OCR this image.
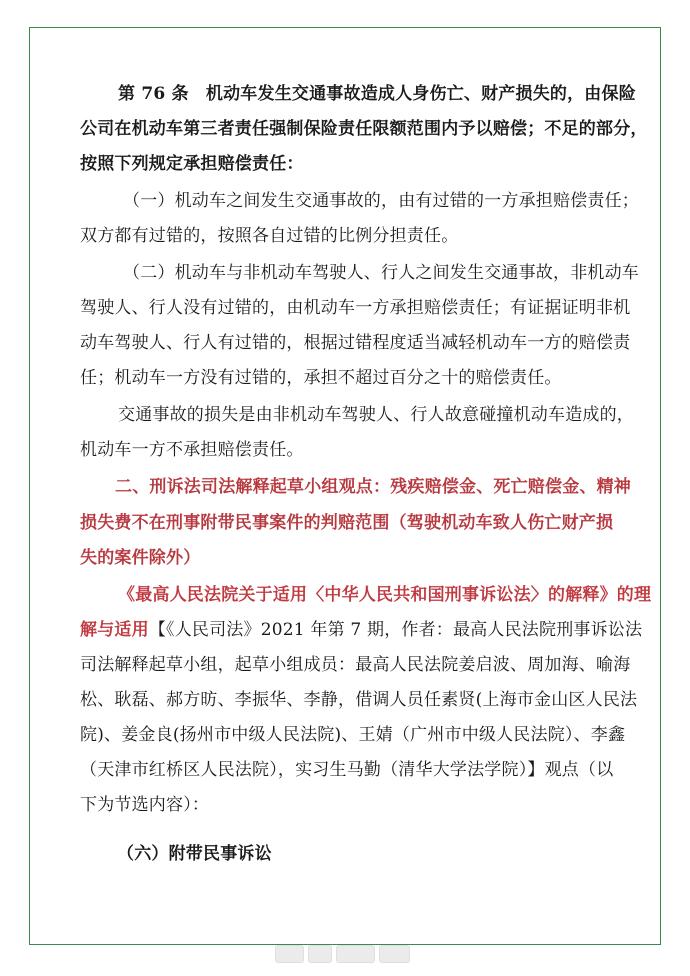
第 76 条　机动车发生交通事故造成人身伤亡、财产损失的，由保险
公司在机动车第三者责任强制保险责任限额范围内予以赔偿；不足的部分，
按照下列规定承担赔偿责任：
（一）机动车之间发生交通事故的，由有过错的一方承担赔偿责任；
双方都有过错的，按照各自过错的比例分担责任。
（二）机动车与非机动车驾驶人、行人之间发生交通事故，非机动车
驾驶人、行人没有过错的，由机动车一方承担赔偿责任；有证据证明非机
动车驾驶人、行人有过错的，根据过错程度适当减轻机动车一方的赔偿责
任；机动车一方没有过错的，承担不超过百分之十的赔偿责任。
交通事故的损失是由非机动车驾驶人、行人故意碰撞机动车造成的，
机动车一方不承担赔偿责任。
二、刑诉法司法解释起草小组观点：残疾赔偿金、死亡赔偿金、精神
损失费不在刑事附带民事案件的判赔范围（驾驶机动车致人伤亡财产损
失的案件除外）
《最高人民法院关于适用〈中华人民共和国刑事诉讼法〉的解释》的理
解与适用【《人民司法》2021 年第 7 期，作者：最高人民法院刑事诉讼法
司法解释起草小组，起草小组成员：最高人民法院姜启波、周加海、喻海
松、耿磊、郝方昉、李振华、李静，借调人员任素贤(上海市金山区人民法
院)、姜金良(扬州市中级人民法院)、王婧（广州市中级人民法院）、李鑫
（天津市红桥区人民法院），实习生马勤（清华大学法学院）】观点（以
下为节选内容）：
（六）附带民事诉讼
